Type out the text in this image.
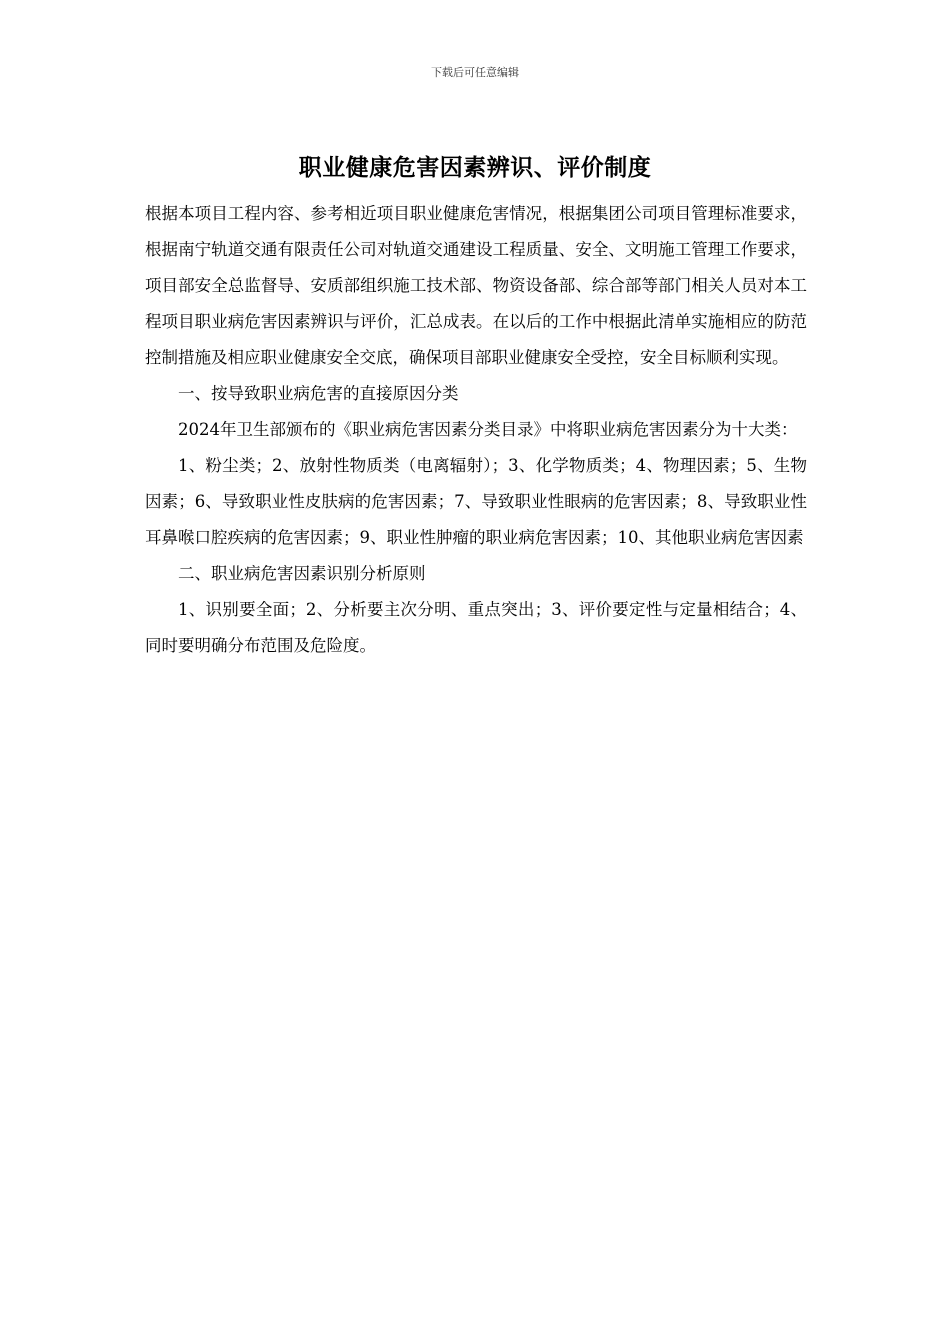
下载后可任意编辑
职业健康危害因素辨识、评价制度

根据本项目工程内容、参考相近项目职业健康危害情况，根据集团公司项目管理标准要求，根据南宁轨道交通有限责任公司对轨道交通建设工程质量、安全、文明施工管理工作要求，项目部安全总监督导、安质部组织施工技术部、物资设备部、综合部等部门相关人员对本工程项目职业病危害因素辨识与评价，汇总成表。在以后的工作中根据此清单实施相应的防范控制措施及相应职业健康安全交底，确保项目部职业健康安全受控，安全目标顺利实现。

一、按导致职业病危害的直接原因分类

2024年卫生部颁布的《职业病危害因素分类目录》中将职业病危害因素分为十大类：

1、粉尘类；2、放射性物质类（电离辐射）；3、化学物质类；4、物理因素；5、生物因素；6、导致职业性皮肤病的危害因素；7、导致职业性眼病的危害因素；8、导致职业性耳鼻喉口腔疾病的危害因素；9、职业性肿瘤的职业病危害因素；10、其他职业病危害因素

二、职业病危害因素识别分析原则

1、识别要全面；2、分析要主次分明、重点突出；3、评价要定性与定量相结合；4、同时要明确分布范围及危险度。
